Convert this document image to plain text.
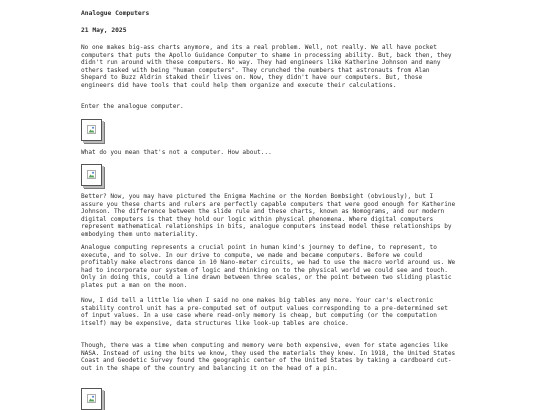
Analogue Computers
21 May, 2025

No one makes big-ass charts anymore, and its a real problem. Well, not really. We all have pocket computers that puts the Apollo Guidance Computer to shame in processing ability. But, back then, they didn't run around with these computers. No way. They had engineers like Katherine Johnson and many others tasked with being "human computers". They crunched the numbers that astronauts from Alan Shepard to Buzz Aldrin staked their lives on. Now, they didn't have our computers. But, those engineers did have tools that could help them organize and execute their calculations.

Enter the analogue computer.

What do you mean that's not a computer. How about...

Better? Now, you may have pictured the Enigma Machine or the Norden Bombsight (obviously), but I assure you these charts and rulers are perfectly capable computers that were good enough for Katherine Johnson. The difference between the slide rule and these charts, known as Nomograms, and our modern digital computers is that they hold our logic within physical phenomena. Where digital computers represent mathematical relationships in bits, analogue computers instead model these relationships by embodying them unto materiality.

Analogue computing represents a crucial point in human kind's journey to define, to represent, to execute, and to solve. In our drive to compute, we made and became computers. Before we could profitably make electrons dance in 10 Nano-meter circuits, we had to use the macro world around us. We had to incorporate our system of logic and thinking on to the physical world we could see and touch. Only in doing this, could a line drawn between three scales, or the point between two sliding plastic plates put a man on the moon.

Now, I did tell a little lie when I said no one makes big tables any more. Your car's electronic stability control unit has a pre-computed set of output values corresponding to a pre-determined set of input values. In a use case where read-only memory is cheap, but computing (or the computation itself) may be expensive, data structures like look-up tables are choice.

Though, there was a time when computing and memory were both expensive, even for state agencies like NASA. Instead of using the bits we know, they used the materials they knew. In 1918, the United States Coast and Geodetic Survey found the geographic center of the United States by taking a cardboard cut-out in the shape of the country and balancing it on the head of a pin.
